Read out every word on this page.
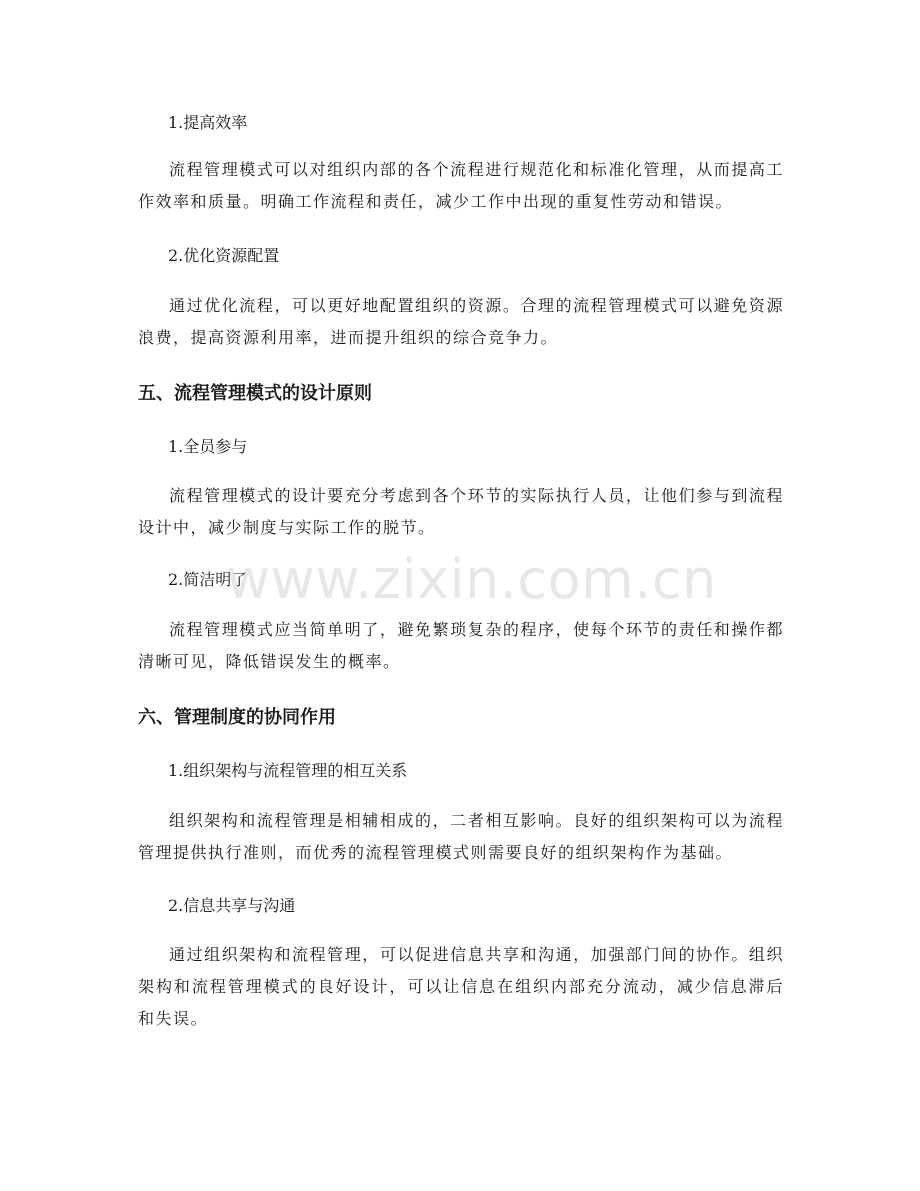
1.提高效率
流程管理模式可以对组织内部的各个流程进行规范化和标准化管理，从而提高工作效率和质量。明确工作流程和责任，减少工作中出现的重复性劳动和错误。
2.优化资源配置
通过优化流程，可以更好地配置组织的资源。合理的流程管理模式可以避免资源浪费，提高资源利用率，进而提升组织的综合竞争力。
五、流程管理模式的设计原则
1.全员参与
流程管理模式的设计要充分考虑到各个环节的实际执行人员，让他们参与到流程设计中，减少制度与实际工作的脱节。
2.简洁明了
流程管理模式应当简单明了，避免繁琐复杂的程序，使每个环节的责任和操作都清晰可见，降低错误发生的概率。
六、管理制度的协同作用
1.组织架构与流程管理的相互关系
组织架构和流程管理是相辅相成的，二者相互影响。良好的组织架构可以为流程管理提供执行准则，而优秀的流程管理模式则需要良好的组织架构作为基础。
2.信息共享与沟通
通过组织架构和流程管理，可以促进信息共享和沟通，加强部门间的协作。组织架构和流程管理模式的良好设计，可以让信息在组织内部充分流动，减少信息滞后和失误。
www.zixin.com.cn
